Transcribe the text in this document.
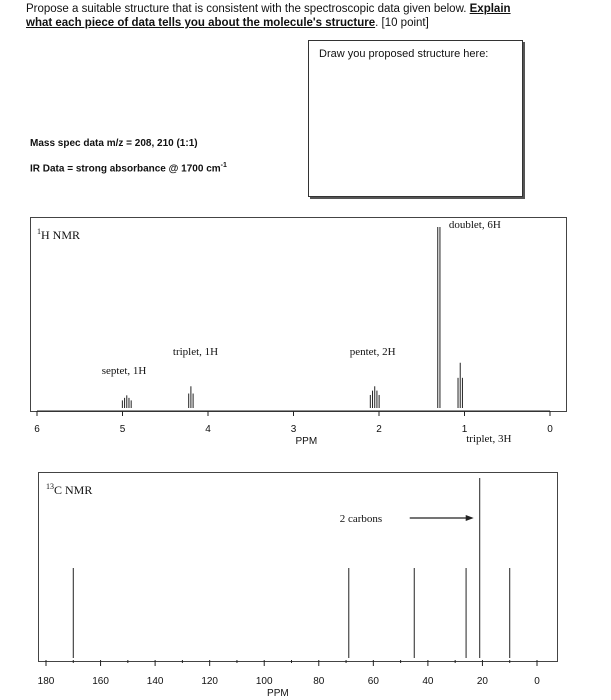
Propose a suitable structure that is consistent with the spectroscopic data given below. Explain
what each piece of data tells you about the molecule's structure. [10 point]
Draw you proposed structure here:
Mass spec data m/z = 208, 210 (1:1)
IR Data = strong absorbance @ 1700 $cm^{-1}$
$^1$H NMR
$^{13}$C NMR
6	5	4	3	2	1	0
PPM
septet, 1H
triplet, 1H	pentet, 2H
doublet, 6H
triplet, 3H
180	160	140	120	100	80	60	40	20	0
PPM
2 carbons
